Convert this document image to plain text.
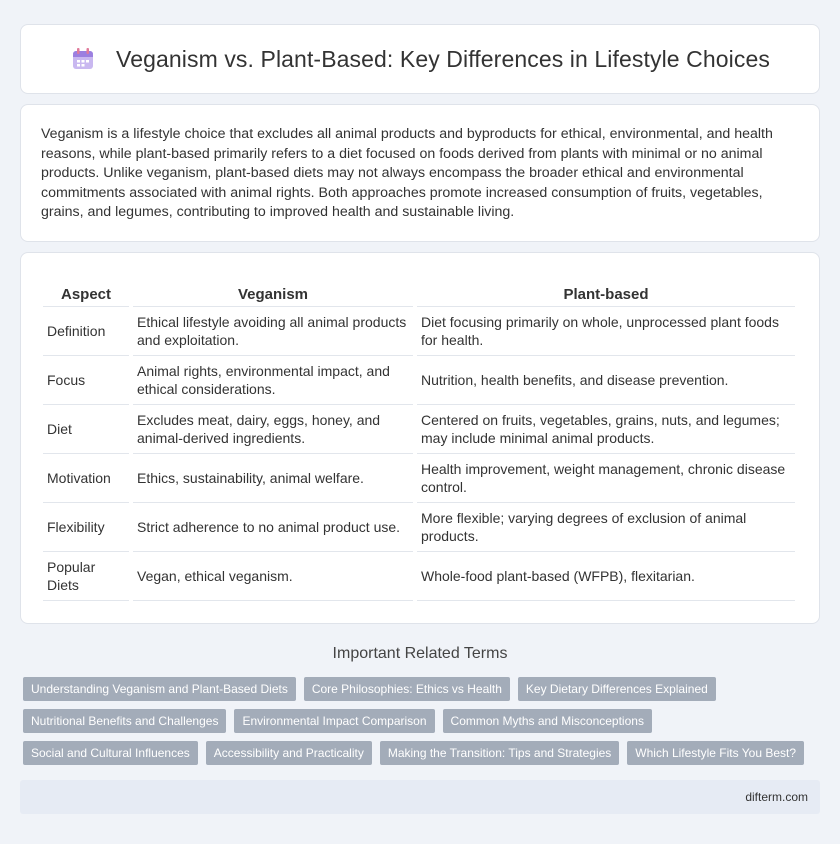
Veganism vs. Plant-Based: Key Differences in Lifestyle Choices

Veganism is a lifestyle choice that excludes all animal products and byproducts for ethical, environmental, and health reasons, while plant-based primarily refers to a diet focused on foods derived from plants with minimal or no animal products. Unlike veganism, plant-based diets may not always encompass the broader ethical and environmental commitments associated with animal rights. Both approaches promote increased consumption of fruits, vegetables, grains, and legumes, contributing to improved health and sustainable living.

Aspect	Veganism	Plant-based
Definition	Ethical lifestyle avoiding all animal products and exploitation.	Diet focusing primarily on whole, unprocessed plant foods for health.
Focus	Animal rights, environmental impact, and ethical considerations.	Nutrition, health benefits, and disease prevention.
Diet	Excludes meat, dairy, eggs, honey, and animal-derived ingredients.	Centered on fruits, vegetables, grains, nuts, and legumes; may include minimal animal products.
Motivation	Ethics, sustainability, animal welfare.	Health improvement, weight management, chronic disease control.
Flexibility	Strict adherence to no animal product use.	More flexible; varying degrees of exclusion of animal products.
Popular Diets	Vegan, ethical veganism.	Whole-food plant-based (WFPB), flexitarian.
Important Related Terms
Understanding Veganism and Plant-Based Diets	Core Philosophies: Ethics vs Health	Key Dietary Differences Explained
Nutritional Benefits and Challenges	Environmental Impact Comparison	Common Myths and Misconceptions
Social and Cultural Influences	Accessibility and Practicality	Making the Transition: Tips and Strategies	Which Lifestyle Fits You Best?
difterm.com
